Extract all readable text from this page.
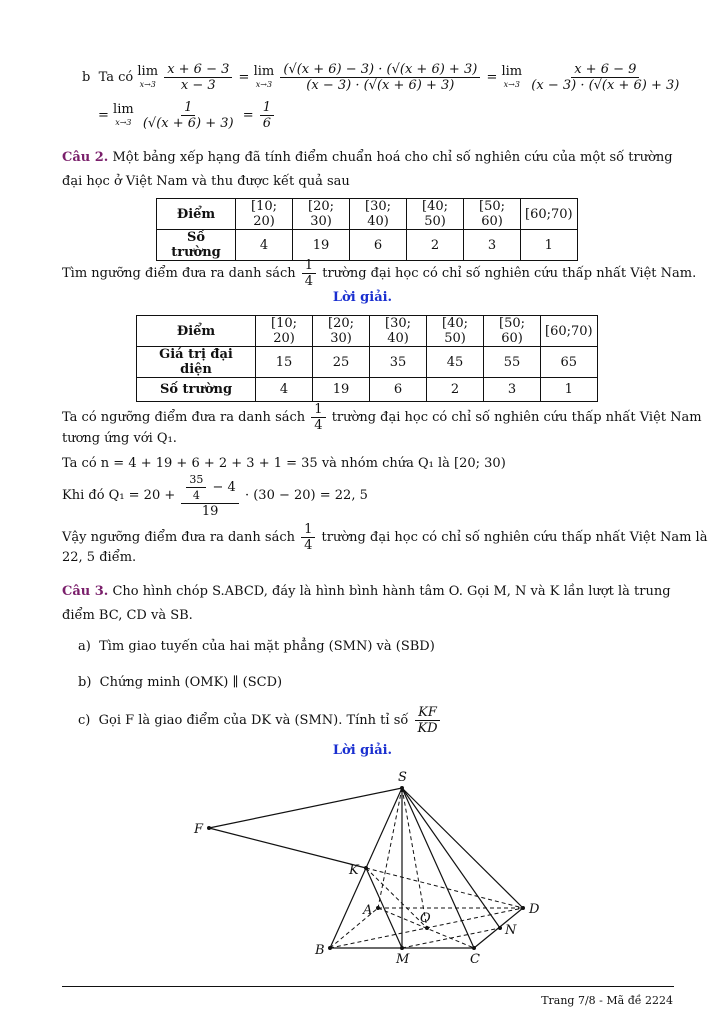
b Ta có lim
x→3
$\frac{x + 6 - 3}{x - 3} = \lim$
x→3
$\frac{(√(x + 6) - 3) \cdot (√(x + 6) + 3)}{(x - 3) \cdot (√(x + 6) + 3)} = \lim$
x→3
$\frac{x + 6 - 9}{(x - 3) \cdot (√(x + 6) + 3)}$
= lim
x→3
$\frac{1}{(√(x + 6) + 3)} = \frac{1}{6}$
Câu 2. Một bảng xếp hạng đã tính điểm chuẩn hoá cho chỉ số nghiên cứu của một số trường đại học ở Việt Nam và thu được kết quả sau
Điểm	[10; 20)	[20; 30)	[30; 40)	[40; 50)	[50; 60)	[60;70)
Số trường	4	19	6	2	3	1
Tìm ngưỡng điểm đưa ra danh sách $\frac{1}{4}$ trường đại học có chỉ số nghiên cứu thấp nhất Việt Nam.
Lời giải.
Điểm	[10; 20)	[20; 30)	[30; 40)	[40; 50)	[50; 60)	[60;70)
Giá trị đại diện	15	25	35	45	55	65
Số trường	4	19	6	2	3	1
Ta có ngưỡng điểm đưa ra danh sách $\frac{1}{4}$ trường đại học có chỉ số nghiên cứu thấp nhất Việt Nam
tương ứng với Q₁.
Ta có n = 4 + 19 + 6 + 2 + 3 + 1 = 35 và nhóm chứa Q₁ là [20; 30)
Khi đó $Q_1 = 20 + \frac{\frac{35}{4} - 4}{19} \cdot (30 - 20) = 22$, 5
Vậy ngưỡng điểm đưa ra danh sách $\frac{1}{4}$ trường đại học có chỉ số nghiên cứu thấp nhất Việt Nam là
22, 5 điểm.
Câu 3. Cho hình chóp S.ABCD, đáy là hình bình hành tâm O. Gọi M, N và K lần lượt là trung điểm BC, CD và SB.
a) Tìm giao tuyến của hai mặt phẳng (SMN) và (SBD)
b) Chứng minh (OMK) ∥ (SCD)
c) Gọi F là giao điểm của DK và (SMN). Tính tỉ số $\frac{KF}{KD}$
Lời giải.
S
F
K
A
O
D
N
B
M	C
Trang 7/8 - Mã đề 2224
